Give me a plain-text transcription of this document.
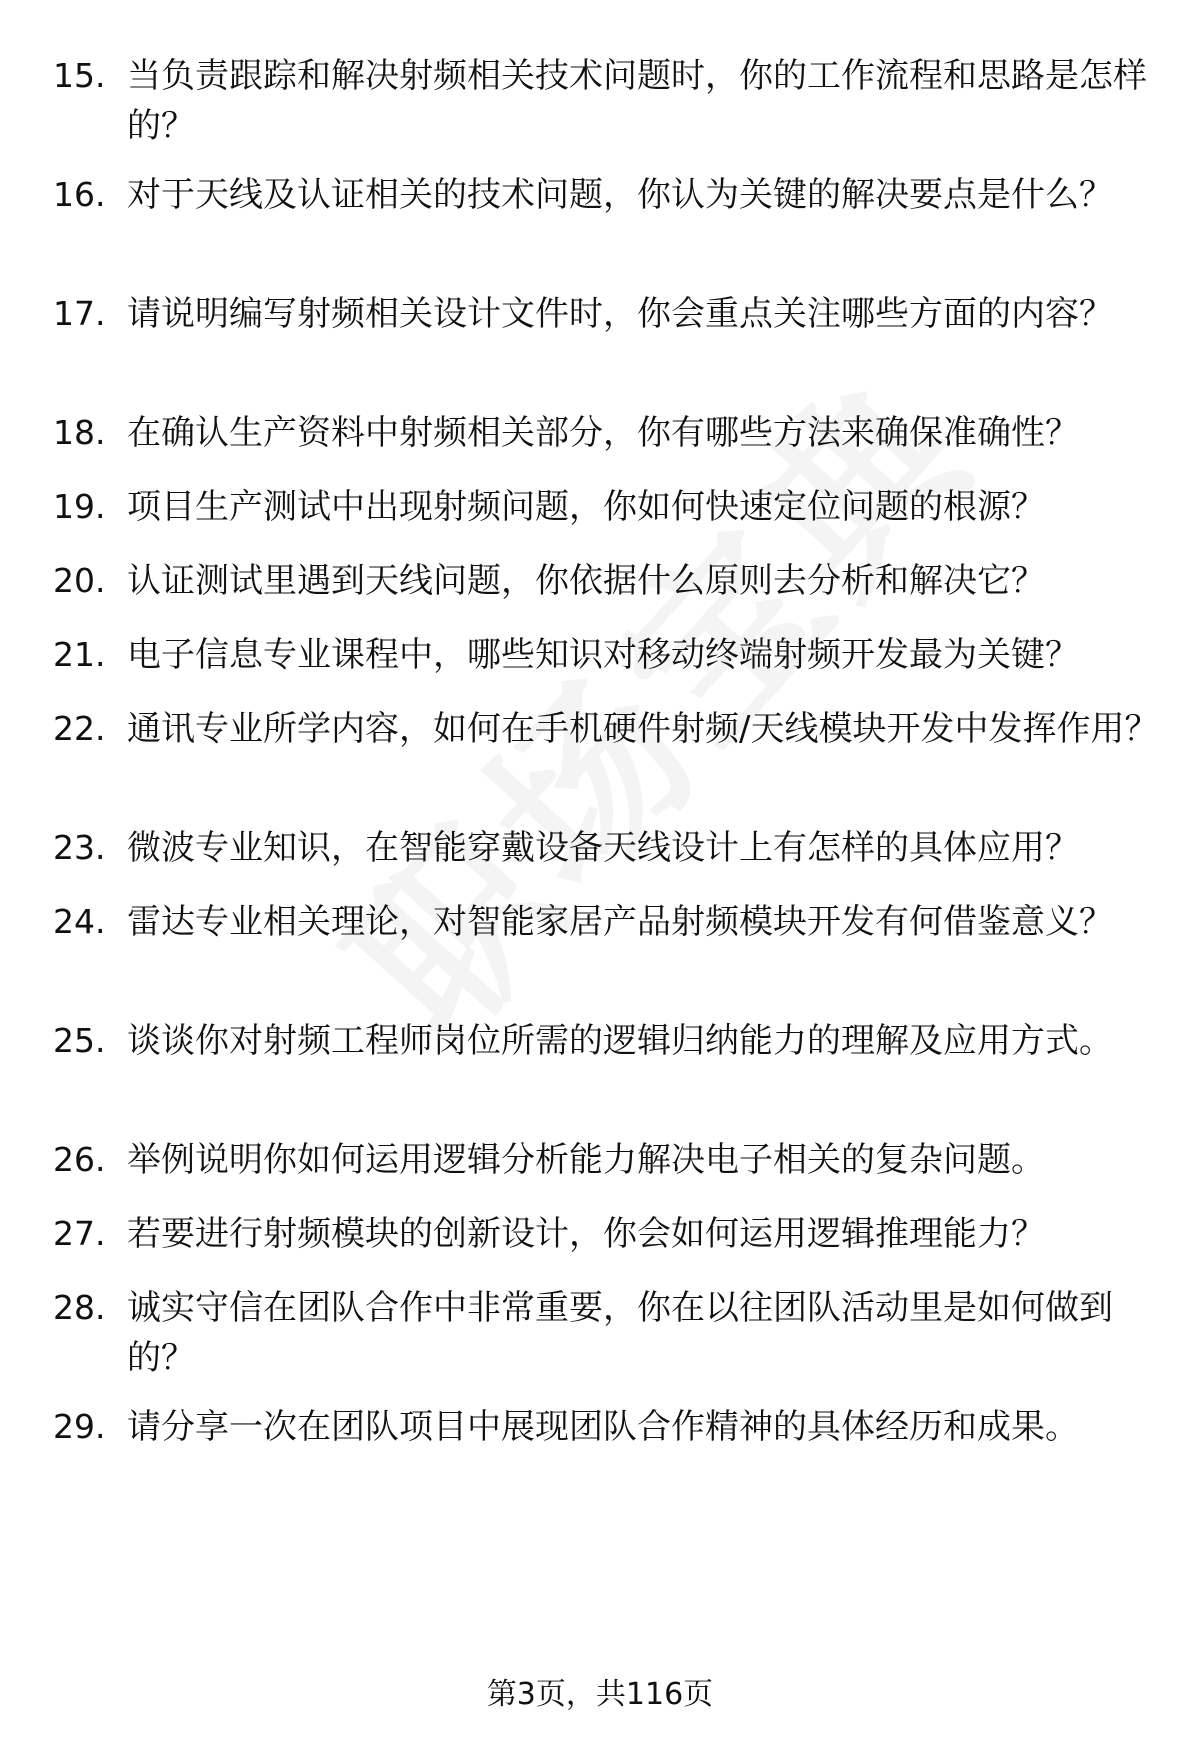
15. 当负责跟踪和解决射频相关技术问题时，你的工作流程和思路是怎样的？
16. 对于天线及认证相关的技术问题，你认为关键的解决要点是什么？
17. 请说明编写射频相关设计文件时，你会重点关注哪些方面的内容？
18. 在确认生产资料中射频相关部分，你有哪些方法来确保准确性？
19. 项目生产测试中出现射频问题，你如何快速定位问题的根源？
20. 认证测试里遇到天线问题，你依据什么原则去分析和解决它？
21. 电子信息专业课程中，哪些知识对移动终端射频开发最为关键？
22. 通讯专业所学内容，如何在手机硬件射频/天线模块开发中发挥作用？
23. 微波专业知识，在智能穿戴设备天线设计上有怎样的具体应用？
24. 雷达专业相关理论，对智能家居产品射频模块开发有何借鉴意义？
25. 谈谈你对射频工程师岗位所需的逻辑归纳能力的理解及应用方式。
26. 举例说明你如何运用逻辑分析能力解决电子相关的复杂问题。
27. 若要进行射频模块的创新设计，你会如何运用逻辑推理能力？
28. 诚实守信在团队合作中非常重要，你在以往团队活动里是如何做到的？
29. 请分享一次在团队项目中展现团队合作精神的具体经历和成果。
第3页，共116页
